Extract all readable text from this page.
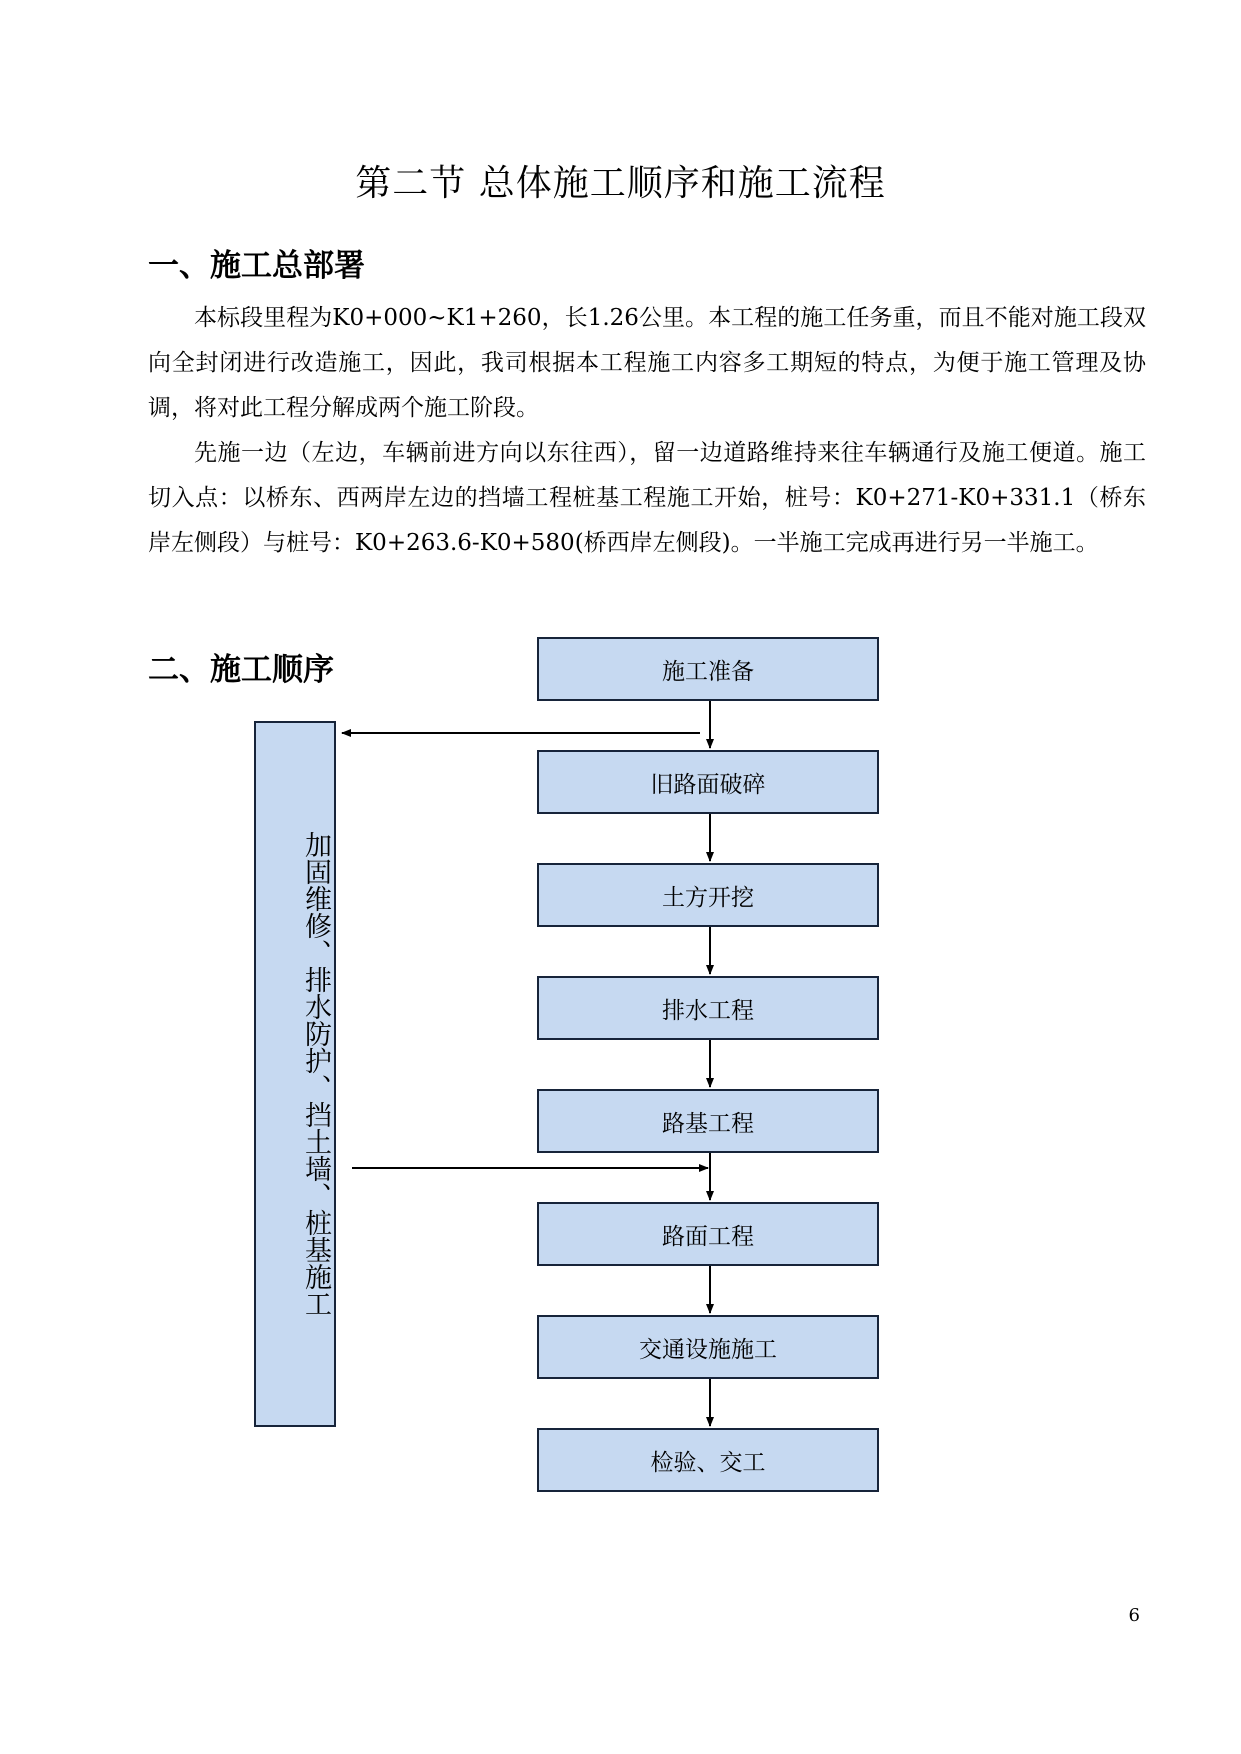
第二节 总体施工顺序和施工流程
一、施工总部署

本标段里程为K0+000~K1+260，长1.26公里。本工程的施工任务重，而且不能对施工段双向全封闭进行改造施工，因此，我司根据本工程施工内容多工期短的特点，为便于施工管理及协调，将对此工程分解成两个施工阶段。

先施一边（左边，车辆前进方向以东往西），留一边道路维持来往车辆通行及施工便道。施工切入点：以桥东、西两岸左边的挡墙工程桩基工程施工开始，桩号：K0+271-K0+331.1（桥东岸左侧段）与桩号：K0+263.6-K0+580(桥西岸左侧段)。一半施工完成再进行另一半施工。

二、施工顺序	施工准备
旧路面破碎
土方开挖
排水工程
路基工程
路面工程
交通设施施工
检验、交工
加固维修、排水防护、挡土墙、桩基施工
6
